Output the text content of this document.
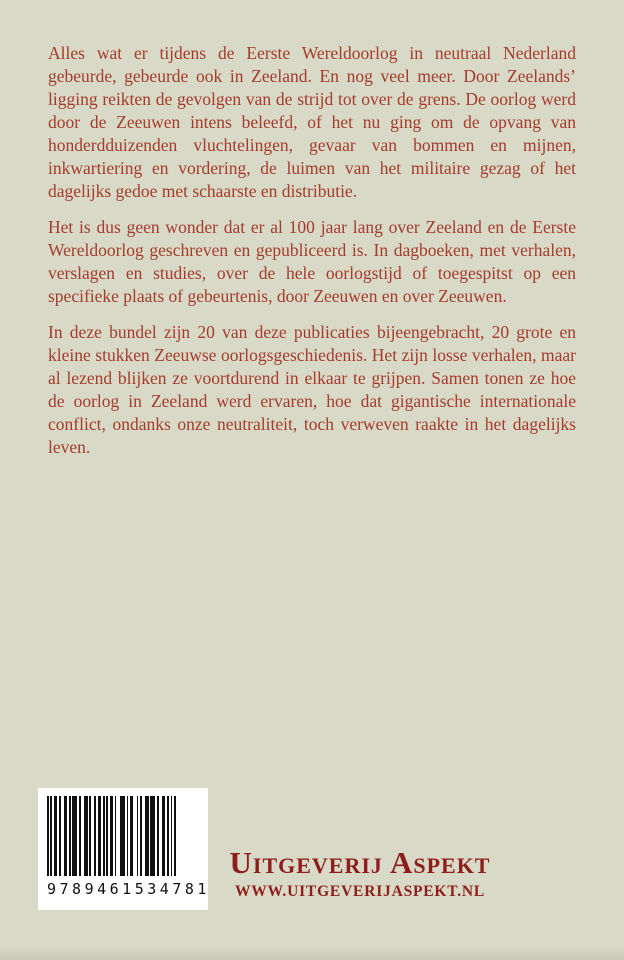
Alles wat er tijdens de Eerste Wereldoorlog in neutraal Nederland gebeurde, gebeurde ook in Zeeland. En nog veel meer. Door Zeelands’ ligging reikten de gevolgen van de strijd tot over de grens. De oorlog werd door de Zeeuwen intens beleefd, of het nu ging om de opvang van honderdduizenden vluchtelingen, gevaar van bommen en mijnen, inkwartiering en vordering, de luimen van het militaire gezag of het dagelijks gedoe met schaarste en distributie.

Het is dus geen wonder dat er al 100 jaar lang over Zeeland en de Eerste Wereldoorlog geschreven en gepubliceerd is. In dagboeken, met verhalen, verslagen en studies, over de hele oorlogstijd of toegespitst op een specifieke plaats of gebeurtenis, door Zeeuwen en over Zeeuwen.

In deze bundel zijn 20 van deze publicaties bijeengebracht, 20 grote en kleine stukken Zeeuwse oorlogsgeschiedenis. Het zijn losse verhalen, maar al lezend blijken ze voortdurend in elkaar te grijpen. Samen tonen ze hoe de oorlog in Zeeland werd ervaren, hoe dat gigantische internationale conflict, ondanks onze neutraliteit, toch verweven raakte in het dagelijks leven.

9789461534781
Uitgeverij Aspekt
WWW.UITGEVERIJASPEKT.NL
